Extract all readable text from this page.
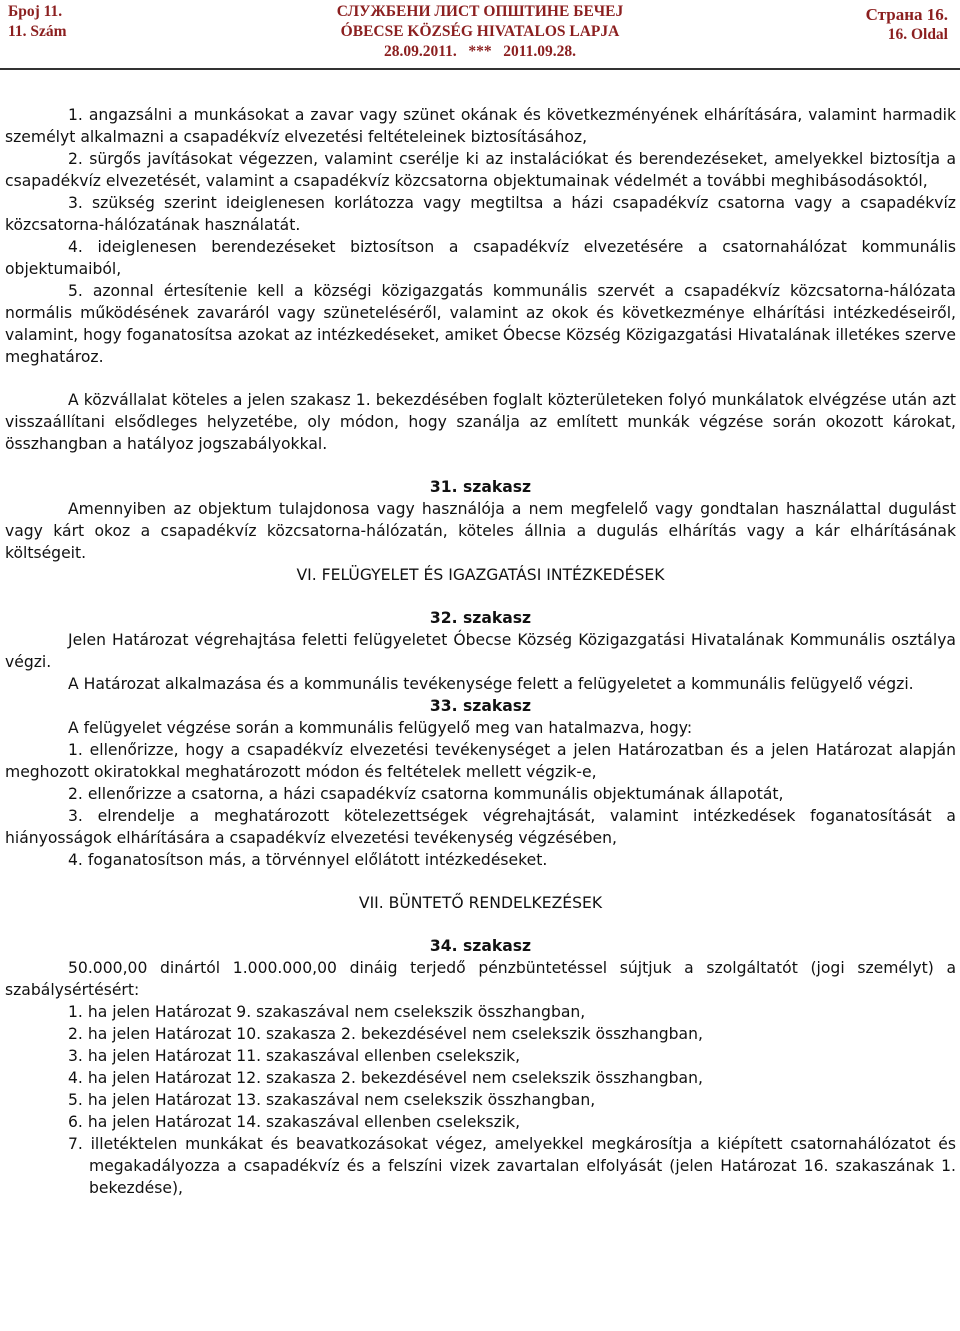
Број 11.
11. Szám
СЛУЖБЕНИ ЛИСТ ОПШТИНЕ БЕЧЕЈ
ÓBECSE KÖZSÉG HIVATALOS LAPJA
28.09.2011.   ***   2011.09.28.
Страна 16.
16. Oldal

1. angazsálni a munkásokat a zavar vagy szünet okának és következményének elhárítására, valamint harmadik személyt alkalmazni a csapadékvíz elvezetési feltételeinek biztosításához,

2. sürgős javításokat végezzen, valamint cserélje ki az instalációkat és berendezéseket, amelyekkel biztosítja a csapadékvíz elvezetését, valamint a csapadékvíz közcsatorna objektumainak védelmét a további meghibásodásoktól,

3. szükség szerint ideiglenesen korlátozza vagy megtiltsa a házi csapadékvíz csatorna vagy a csapadékvíz közcsatorna-hálózatának használatát.

4. ideiglenesen berendezéseket biztosítson a csapadékvíz elvezetésére a csatornahálózat kommunális objektumaiból,

5. azonnal értesítenie kell a községi közigazgatás kommunális szervét a csapadékvíz közcsatorna-hálózata normális működésének zavaráról vagy szüneteléséről, valamint az okok és következménye elhárítási intézkedéseiről, valamint, hogy foganatosítsa azokat az intézkedéseket, amiket Óbecse Község Közigazgatási Hivatalának illetékes szerve meghatároz.

A közvállalat köteles a jelen szakasz 1. bekezdésében foglalt közterületeken folyó munkálatok elvégzése után azt visszaállítani elsődleges helyzetébe, oly módon, hogy szanálja az említett munkák végzése során okozott károkat, összhangban a hatályoz jogszabályokkal.

31. szakasz

Amennyiben az objektum tulajdonosa vagy használója a nem megfelelő vagy gondtalan használattal dugulást vagy kárt okoz a csapadékvíz közcsatorna-hálózatán, köteles állnia a dugulás elhárítás vagy a kár elhárításának költségeit.

VI. FELÜGYELET ÉS IGAZGATÁSI INTÉZKEDÉSEK

32. szakasz

Jelen Határozat végrehajtása feletti felügyeletet Óbecse Község Közigazgatási Hivatalának Kommunális osztálya végzi.

A Határozat alkalmazása és a kommunális tevékenysége felett a felügyeletet a kommunális felügyelő végzi.

33. szakasz

A felügyelet végzése során a kommunális felügyelő meg van hatalmazva, hogy:

1. ellenőrizze, hogy a csapadékvíz elvezetési tevékenységet a jelen Határozatban és a jelen Határozat alapján meghozott okiratokkal meghatározott módon és feltételek mellett végzik-e,

2. ellenőrizze a csatorna, a házi csapadékvíz csatorna kommunális objektumának állapotát,

3. elrendelje a meghatározott kötelezettségek végrehajtását, valamint intézkedések foganatosítását a hiányosságok elhárítására a csapadékvíz elvezetési tevékenység végzésében,

4. foganatosítson más, a törvénnyel előlátott intézkedéseket.

VII. BÜNTETŐ RENDELKEZÉSEK

34. szakasz

50.000,00 dinártól 1.000.000,00 dináig terjedő pénzbüntetéssel sújtjuk a szolgáltatót (jogi személyt) a szabálysértésért:

1. ha jelen Határozat 9. szakaszával nem cselekszik összhangban,

2. ha jelen Határozat 10. szakasza 2. bekezdésével nem cselekszik összhangban,

3. ha jelen Határozat 11. szakaszával ellenben cselekszik,

4. ha jelen Határozat 12. szakasza 2. bekezdésével nem cselekszik összhangban,

5. ha jelen Határozat 13. szakaszával nem cselekszik összhangban,

6. ha jelen Határozat 14. szakaszával ellenben cselekszik,

7. illetéktelen munkákat és beavatkozásokat végez, amelyekkel megkárosítja a kiépített csatornahálózatot és megakadályozza a csapadékvíz és a felszíni vizek zavartalan elfolyását (jelen Határozat 16. szakaszának 1. bekezdése),
